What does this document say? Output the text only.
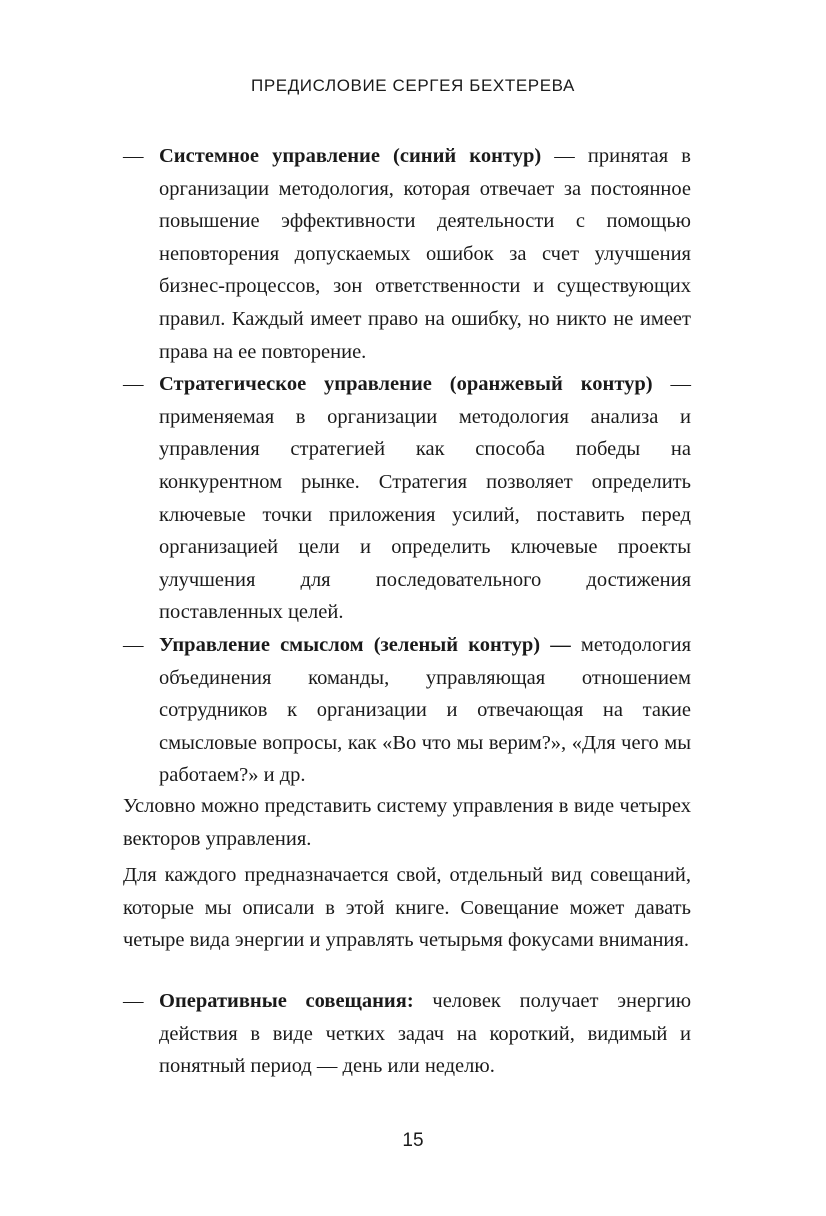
ПРЕДИСЛОВИЕ СЕРГЕЯ БЕХТЕРЕВА
— Системное управление (синий контур) — принятая в организации методология, которая отвечает за постоянное повышение эффективности деятельности с помощью неповторения допускаемых ошибок за счет улучшения бизнес-процессов, зон ответственности и существующих правил. Каждый имеет право на ошибку, но никто не имеет права на ее повторение.
— Стратегическое управление (оранжевый контур) — применяемая в организации методология анализа и управления стратегией как способа победы на конкурентном рынке. Стратегия позволяет определить ключевые точки приложения усилий, поставить перед организацией цели и определить ключевые проекты улучшения для последовательного достижения поставленных целей.
— Управление смыслом (зеленый контур) — методология объединения команды, управляющая отношением сотрудников к организации и отвечающая на такие смысловые вопросы, как «Во что мы верим?», «Для чего мы работаем?» и др.
Условно можно представить систему управления в виде четырех векторов управления.
Для каждого предназначается свой, отдельный вид совещаний, которые мы описали в этой книге. Совещание может давать четыре вида энергии и управлять четырьмя фокусами внимания.
— Оперативные совещания: человек получает энергию действия в виде четких задач на короткий, видимый и понятный период — день или неделю.
15
